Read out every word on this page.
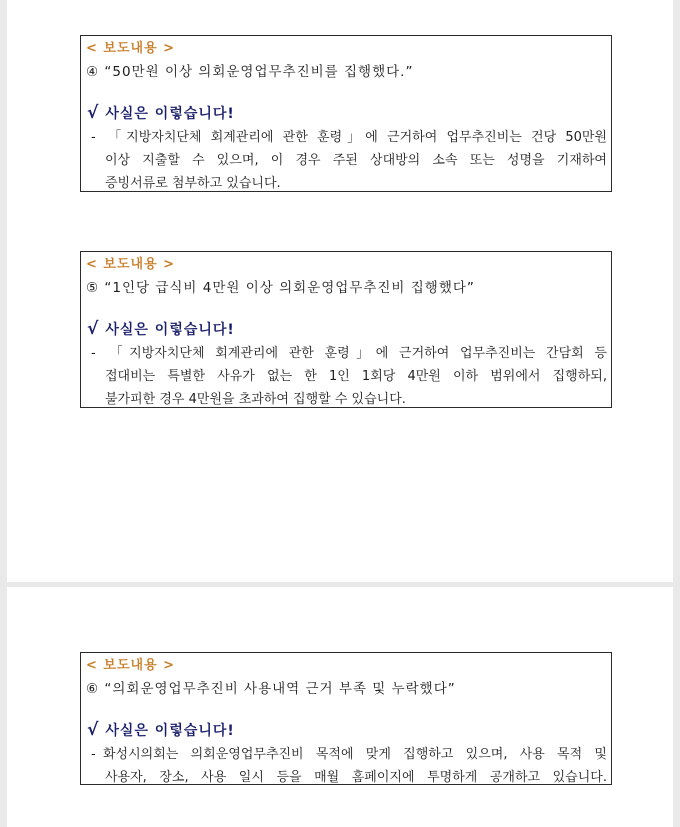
< 보도내용 >
④ “50만원 이상 의회운영업무추진비를 집행했다.”
√ 사실은 이렇습니다!
- 「지방자치단체 회계관리에 관한 훈령」에 근거하여 업무추진비는 건당 50만원
이상 지출할 수 있으며, 이 경우 주된 상대방의 소속 또는 성명을 기재하여
증빙서류로 첨부하고 있습니다.
< 보도내용 >
⑤ “1인당 급식비 4만원 이상 의회운영업무추진비 집행했다”
√ 사실은 이렇습니다!
- 「지방자치단체 회계관리에 관한 훈령」에 근거하여 업무추진비는 간담회 등
접대비는 특별한 사유가 없는 한 1인 1회당 4만원 이하 범위에서 집행하되,
불가피한 경우 4만원을 초과하여 집행할 수 있습니다.
< 보도내용 >
⑥ “의회운영업무추진비 사용내역 근거 부족 및 누락했다”
√ 사실은 이렇습니다!
- 화성시의회는 의회운영업무추진비 목적에 맞게 집행하고 있으며, 사용 목적 및
사용자, 장소, 사용 일시 등을 매월 홈페이지에 투명하게 공개하고 있습니다.
